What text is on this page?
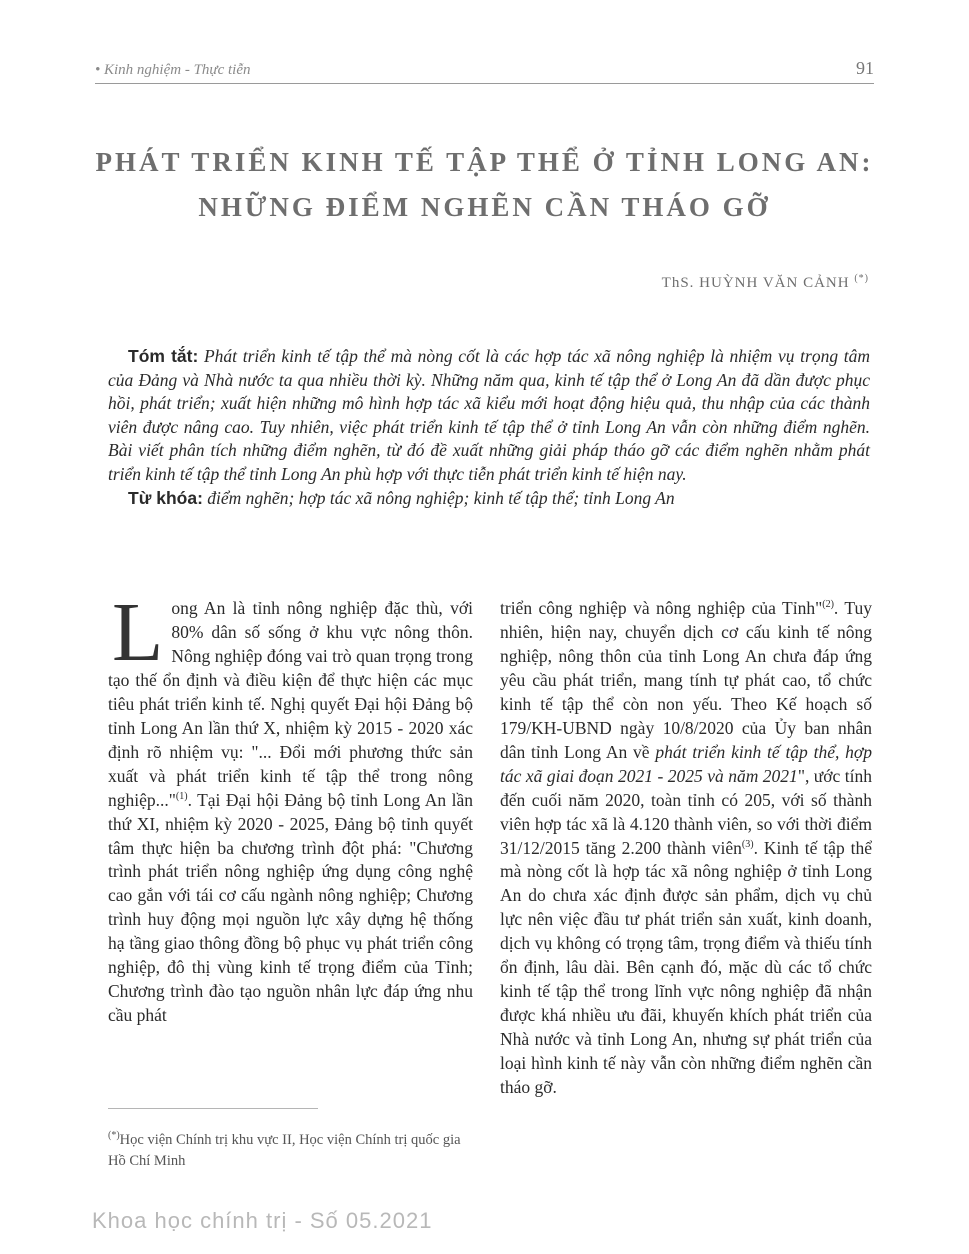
• Kinh nghiệm - Thực tiễn	91
PHÁT TRIỂN KINH TẾ TẬP THỂ Ở TỈNH LONG AN:
NHỮNG ĐIỂM NGHẼN CẦN THÁO GỠ
ThS. HUỲNH VĂN CẢNH (*)

Tóm tắt: Phát triển kinh tế tập thể mà nòng cốt là các hợp tác xã nông nghiệp là nhiệm vụ trọng tâm của Đảng và Nhà nước ta qua nhiều thời kỳ. Những năm qua, kinh tế tập thể ở Long An đã dần được phục hồi, phát triển; xuất hiện những mô hình hợp tác xã kiểu mới hoạt động hiệu quả, thu nhập của các thành viên được nâng cao. Tuy nhiên, việc phát triển kinh tế tập thể ở tỉnh Long An vẫn còn những điểm nghẽn. Bài viết phân tích những điểm nghẽn, từ đó đề xuất những giải pháp tháo gỡ các điểm nghẽn nhằm phát triển kinh tế tập thể tỉnh Long An phù hợp với thực tiễn phát triển kinh tế hiện nay.

Từ khóa: điểm nghẽn; hợp tác xã nông nghiệp; kinh tế tập thể; tỉnh Long An

Long An là tỉnh nông nghiệp đặc thù, với 80% dân số sống ở khu vực nông thôn. Nông nghiệp đóng vai trò quan trọng trong tạo thế ổn định và điều kiện để thực hiện các mục tiêu phát triển kinh tế. Nghị quyết Đại hội Đảng bộ tỉnh Long An lần thứ X, nhiệm kỳ 2015 - 2020 xác định rõ nhiệm vụ: "... Đổi mới phương thức sản xuất và phát triển kinh tế tập thể trong nông nghiệp..."$^{(1)}$. Tại Đại hội Đảng bộ tỉnh Long An lần thứ XI, nhiệm kỳ 2020 - 2025, Đảng bộ tỉnh quyết tâm thực hiện ba chương trình đột phá: "Chương trình phát triển nông nghiệp ứng dụng công nghệ cao gắn với tái cơ cấu ngành nông nghiệp; Chương trình huy động mọi nguồn lực xây dựng hệ thống hạ tầng giao thông đồng bộ phục vụ phát triển công nghiệp, đô thị vùng kinh tế trọng điểm của Tỉnh; Chương trình đào tạo nguồn nhân lực đáp ứng nhu cầu phát

triển công nghiệp và nông nghiệp của Tỉnh"$^{(2)}$. Tuy nhiên, hiện nay, chuyển dịch cơ cấu kinh tế nông nghiệp, nông thôn của tỉnh Long An chưa đáp ứng yêu cầu phát triển, mang tính tự phát cao, tổ chức kinh tế tập thể còn non yếu. Theo Kế hoạch số 179/KH-UBND ngày 10/8/2020 của Ủy ban nhân dân tỉnh Long An về phát triển kinh tế tập thể, hợp tác xã giai đoạn 2021 - 2025 và năm 2021", ước tính đến cuối năm 2020, toàn tỉnh có 205, với số thành viên hợp tác xã là 4.120 thành viên, so với thời điểm 31/12/2015 tăng 2.200 thành viên$^{(3)}$. Kinh tế tập thể mà nòng cốt là hợp tác xã nông nghiệp ở tỉnh Long An do chưa xác định được sản phẩm, dịch vụ chủ lực nên việc đầu tư phát triển sản xuất, kinh doanh, dịch vụ không có trọng tâm, trọng điểm và thiếu tính ổn định, lâu dài. Bên cạnh đó, mặc dù các tổ chức kinh tế tập thể trong lĩnh vực nông nghiệp đã nhận được khá nhiều ưu đãi, khuyến khích phát triển của Nhà nước và tỉnh Long An, nhưng sự phát triển của loại hình kinh tế này vẫn còn những điểm nghẽn cần tháo gỡ.

(*)Học viện Chính trị khu vực II, Học viện Chính trị quốc gia Hồ Chí Minh
Khoa học chính trị - Số 05.2021
